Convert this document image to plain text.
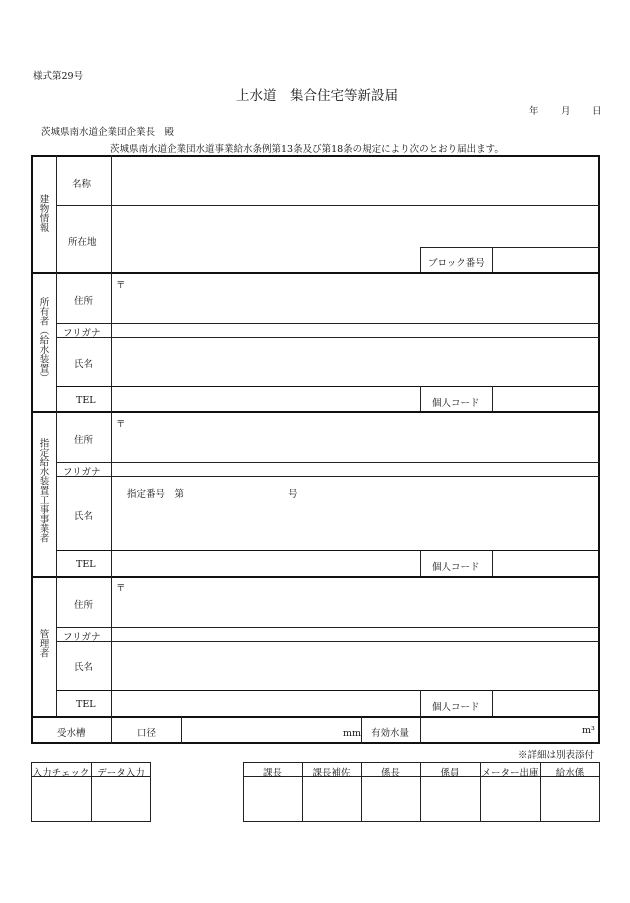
様式第29号
上水道　集合住宅等新設届
年 月 日
茨城県南水道企業団企業長　殿
茨城県南水道企業団水道事業給水条例第13条及び第18条の規定により次のとおり届出ます。
建物情報
名称
所在地
ブロック番号
所有者（給水装置）
〒
住所
フリガナ
氏名
TEL	個人コード
指定給水装置工事事業者
〒
住所
フリガナ
氏名
指定番号　第	号
TEL	個人コード
管理者
〒
住所
フリガナ
氏名
TEL	個人コード
受水槽	口径	mm 有効水量	m³
※詳細は別表添付
入力チェック データ入力	課長	課長補佐	係長	係員	メーター出庫	給水係
